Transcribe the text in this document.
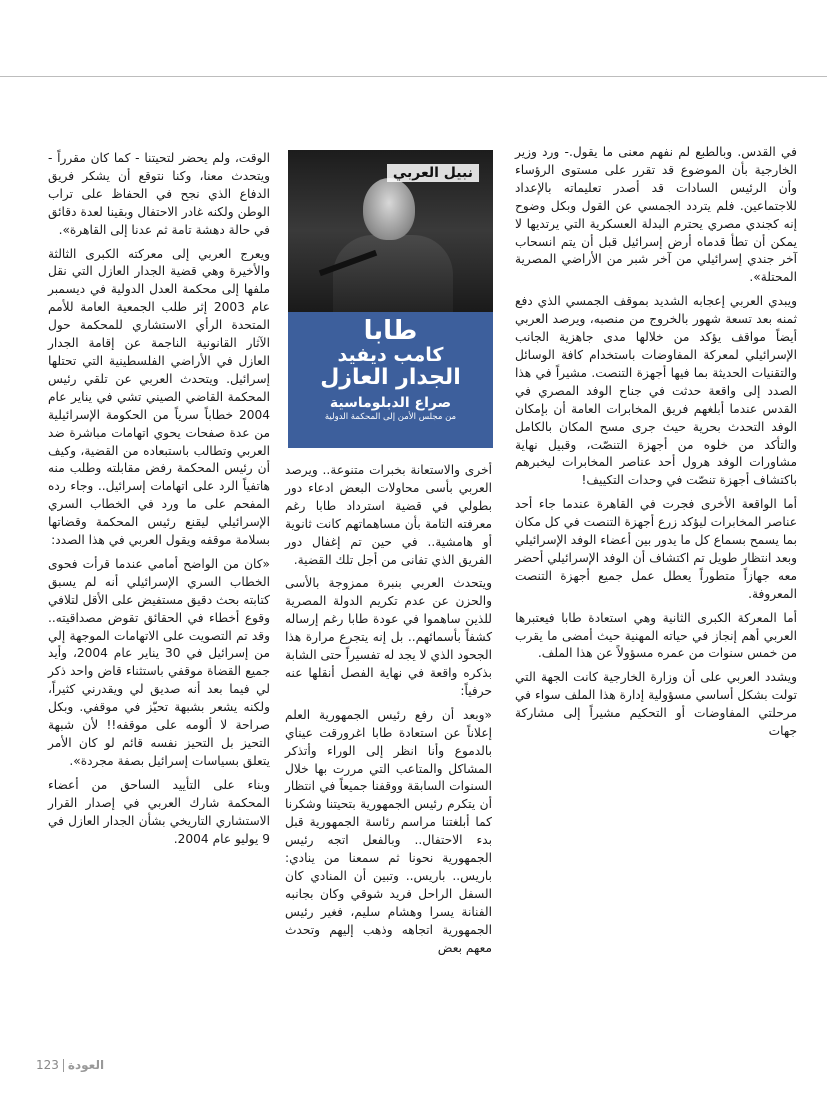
في القدس. وبالطبع لم نفهم معنى ما يقول.- ورد وزير الخارجية بأن الموضوع قد تقرر على مستوى الرؤساء وأن الرئيس السادات قد أصدر تعليماته بالإعداد للاجتماعين. فلم يتردد الجمسي عن القول وبكل وضوح إنه كجندي مصري يحترم البدلة العسكرية التي يرتديها لا يمكن أن تطأ قدماه أرض إسرائيل قبل أن يتم انسحاب آخر جندي إسرائيلي من آخر شبر من الأراضي المصرية المحتلة».

ويبدي العربي إعجابه الشديد بموقف الجمسي الذي دفع ثمنه بعد تسعة شهور بالخروج من منصبه، ويرصد العربي أيضاً مواقف يؤكد من خلالها مدى جاهزية الجانب الإسرائيلي لمعركة المفاوضات باستخدام كافة الوسائل والتقنيات الحديثة بما فيها أجهزة التنصت. مشيراً في هذا الصدد إلى واقعة حدثت في جناح الوفد المصري في القدس عندما أبلغهم فريق المخابرات العامة أن بإمكان الوفد التحدث بحرية حيث جرى مسح المكان بالكامل والتأكد من خلوه من أجهزة التنصّت، وقبيل نهاية مشاورات الوفد هرول أحد عناصر المخابرات ليخبرهم باكتشاف أجهزة تنصّت في وحدات التكييف!

أما الواقعة الأخرى فجرت في القاهرة عندما جاء أحد عناصر المخابرات ليؤكد زرع أجهزة التنصت في كل مكان بما يسمح بسماع كل ما يدور بين أعضاء الوفد الإسرائيلي وبعد انتظار طويل تم اكتشاف أن الوفد الإسرائيلي أحضر معه جهازاً متطوراً يعطل عمل جميع أجهزة التنصت المعروفة.

أما المعركة الكبرى الثانية وهي استعادة طابا فيعتبرها العربي أهم إنجاز في حياته المهنية حيث أمضى ما يقرب من خمس سنوات من عمره مسؤولاً عن هذا الملف.

ويشدد العربي على أن وزارة الخارجية كانت الجهة التي تولت بشكل أساسي مسؤولية إدارة هذا الملف سواء في مرحلتي المفاوضات أو التحكيم مشيراً إلى مشاركة جهات

نبيل العربي
طابا
كامب ديفيد
الجدار العازل
صراع الدبلوماسية
من مجلس الأمن إلى المحكمة الدولية

أخرى والاستعانة بخبرات متنوعة.. ويرصد العربي بأسى محاولات البعض ادعاء دور بطولي في قضية استرداد طابا رغم معرفته التامة بأن مساهماتهم كانت ثانوية أو هامشية.. في حين تم إغفال دور الفريق الذي تفانى من أجل تلك القضية.

ويتحدث العربي بنبرة ممزوجة بالأسى والحزن عن عدم تكريم الدولة المصرية للذين ساهموا في عودة طابا رغم إرساله كشفاً بأسمائهم.. بل إنه يتجرع مرارة هذا الجحود الذي لا يجد له تفسيراً حتى الشابة بذكره واقعة في نهاية الفصل أنقلها عنه حرفياً:

«وبعد أن رفع رئيس الجمهورية العلم إعلاناً عن استعادة طابا اغرورقت عيناي بالدموع وأنا انظر إلى الوراء وأتذكر المشاكل والمتاعب التي مررت بها خلال السنوات السابقة ووقفنا جميعاً في انتظار أن يتكرم رئيس الجمهورية بتحيتنا وشكرنا كما أبلغتنا مراسم رئاسة الجمهورية قبل بدء الاحتفال.. وبالفعل اتجه رئيس الجمهورية نحونا ثم سمعنا من ينادي: باريس.. باريس.. وتبين أن المنادي كان السفل الراحل فريد شوقي وكان بجانبه الفنانة يسرا وهشام سليم، فغير رئيس الجمهورية اتجاهه وذهب إليهم وتحدث معهم بعض

الوقت، ولم يحضر لتحيتنا - كما كان مقرراً - ويتحدث معنا، وكنا نتوقع أن يشكر فريق الدفاع الذي نجح في الحفاظ على تراب الوطن ولكنه غادر الاحتفال وبقينا لعدة دقائق في حالة دهشة تامة ثم عدنا إلى القاهرة».

ويعرج العربي إلى معركته الكبرى الثالثة والأخيرة وهي قضية الجدار العازل التي نقل ملفها إلى محكمة العدل الدولية في ديسمبر عام 2003 إثر طلب الجمعية العامة للأمم المتحدة الرأي الاستشاري للمحكمة حول الآثار القانونية الناجمة عن إقامة الجدار العازل في الأراضي الفلسطينية التي تحتلها إسرائيل. ويتحدث العربي عن تلقي رئيس المحكمة القاضي الصيني تشي في يناير عام 2004 خطاباً سرياً من الحكومة الإسرائيلية من عدة صفحات يحوي اتهامات مباشرة ضد العربي وتطالب باستبعاده من القضية، وكيف أن رئيس المحكمة رفض مقابلته وطلب منه هاتفياً الرد على اتهامات إسرائيل.. وجاء رده المفحم على ما ورد في الخطاب السري الإسرائيلي ليقنع رئيس المحكمة وقضاتها بسلامة موقفه ويقول العربي في هذا الصدد:

«كان من الواضح أمامي عندما قرأت فحوى الخطاب السري الإسرائيلي أنه لم يسبق كتابته بحث دقيق مستفيض على الأقل لتلافي وقوع أخطاء في الحقائق تقوض مصداقيته.. وقد تم التصويت على الاتهامات الموجهة إلي من إسرائيل في 30 يناير عام 2004، وأيد جميع القضاة موقفي باستثناء قاض واحد ذكر لي فيما بعد أنه صديق لي ويقدرني كثيراً، ولكنه يشعر بشبهة تحيّز في موقفي. وبكل صراحة لا ألومه على موقفه!! لأن شبهة التحيز بل التحيز نفسه قائم لو كان الأمر يتعلق بسياسات إسرائيل بصفة مجردة».

وبناء على التأييد الساحق من أعضاء المحكمة شارك العربي في إصدار القرار الاستشاري التاريخي بشأن الجدار العازل في 9 يوليو عام 2004.

123 العودة
